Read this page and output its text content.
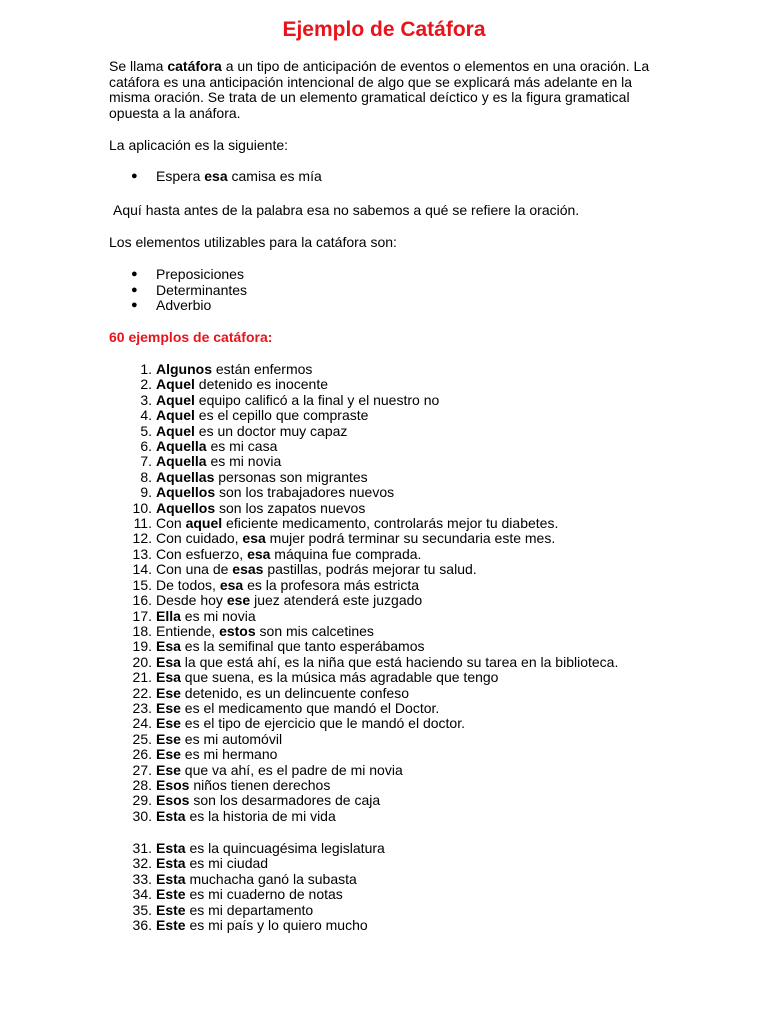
Ejemplo de Catáfora
Se llama catáfora a un tipo de anticipación de eventos o elementos en una oración. La catáfora es una anticipación intencional de algo que se explicará más adelante en la misma oración. Se trata de un elemento gramatical deíctico y es la figura gramatical opuesta a la anáfora.
La aplicación es la siguiente:
● Espera esa camisa es mía
Aquí hasta antes de la palabra esa no sabemos a qué se refiere la oración.
Los elementos utilizables para la catáfora son:
● Preposiciones
● Determinantes
● Adverbio
60 ejemplos de catáfora:
1. Algunos están enfermos
2. Aquel detenido es inocente
3. Aquel equipo calificó a la final y el nuestro no
4. Aquel es el cepillo que compraste
5. Aquel es un doctor muy capaz
6. Aquella es mi casa
7. Aquella es mi novia
8. Aquellas personas son migrantes
9. Aquellos son los trabajadores nuevos
10. Aquellos son los zapatos nuevos
11. Con aquel eficiente medicamento, controlarás mejor tu diabetes.
12. Con cuidado, esa mujer podrá terminar su secundaria este mes.
13. Con esfuerzo, esa máquina fue comprada.
14. Con una de esas pastillas, podrás mejorar tu salud.
15. De todos, esa es la profesora más estricta
16. Desde hoy ese juez atenderá este juzgado
17. Ella es mi novia
18. Entiende, estos son mis calcetines
19. Esa es la semifinal que tanto esperábamos
20. Esa la que está ahí, es la niña que está haciendo su tarea en la biblioteca.
21. Esa que suena, es la música más agradable que tengo
22. Ese detenido, es un delincuente confeso
23. Ese es el medicamento que mandó el Doctor.
24. Ese es el tipo de ejercicio que le mandó el doctor.
25. Ese es mi automóvil
26. Ese es mi hermano
27. Ese que va ahí, es el padre de mi novia
28. Esos niños tienen derechos
29. Esos son los desarmadores de caja
30. Esta es la historia de mi vida
31. Esta es la quincuagésima legislatura
32. Esta es mi ciudad
33. Esta muchacha ganó la subasta
34. Este es mi cuaderno de notas
35. Este es mi departamento
36. Este es mi país y lo quiero mucho
